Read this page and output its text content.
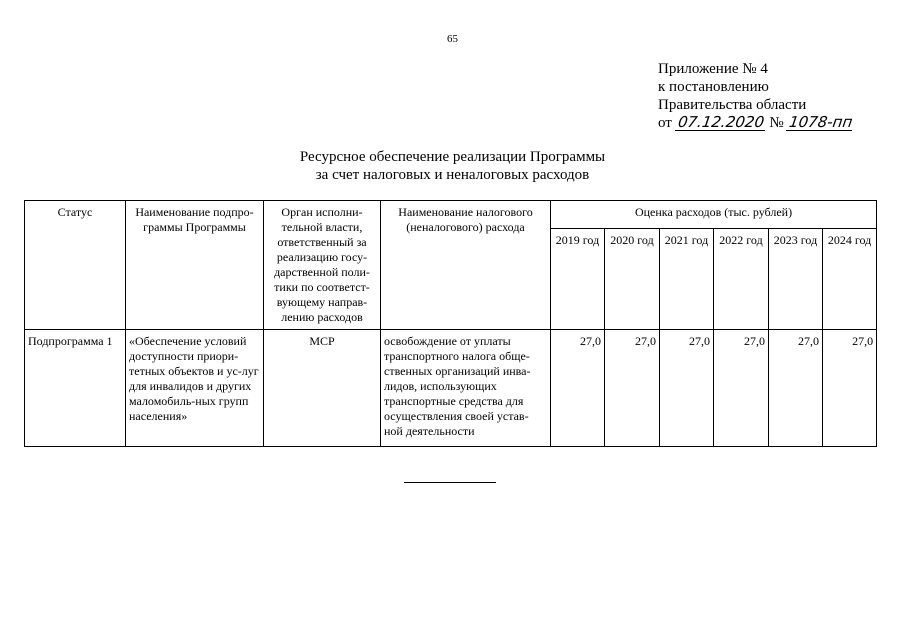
65
Приложение № 4
к постановлению
Правительства области
от 07.12.2020 № 1078-пп
Ресурсное обеспечение реализации Программы
за счет налоговых и неналоговых расходов
Статус	Наименование подпро-граммы Программы	Орган исполни-тельной власти, ответственный за реализацию госу-дарственной поли-тики по соответст-вующему направ-лению расходов	Наименование налогового (неналогового) расхода	Оценка расходов (тыс. рублей)					
				2019 год	2020 год	2021 год	2022 год	2023 год	2024 год
Подпрограмма 1	«Обеспечение условий доступности приори-тетных объектов и ус-луг для инвалидов и других маломобиль-ных групп населения»	МСР	освобождение от уплаты транспортного налога обще-ственных организаций инва-лидов, использующих транспортные средства для осуществления своей устав-ной деятельности	27,0	27,0	27,0	27,0	27,0	27,0
